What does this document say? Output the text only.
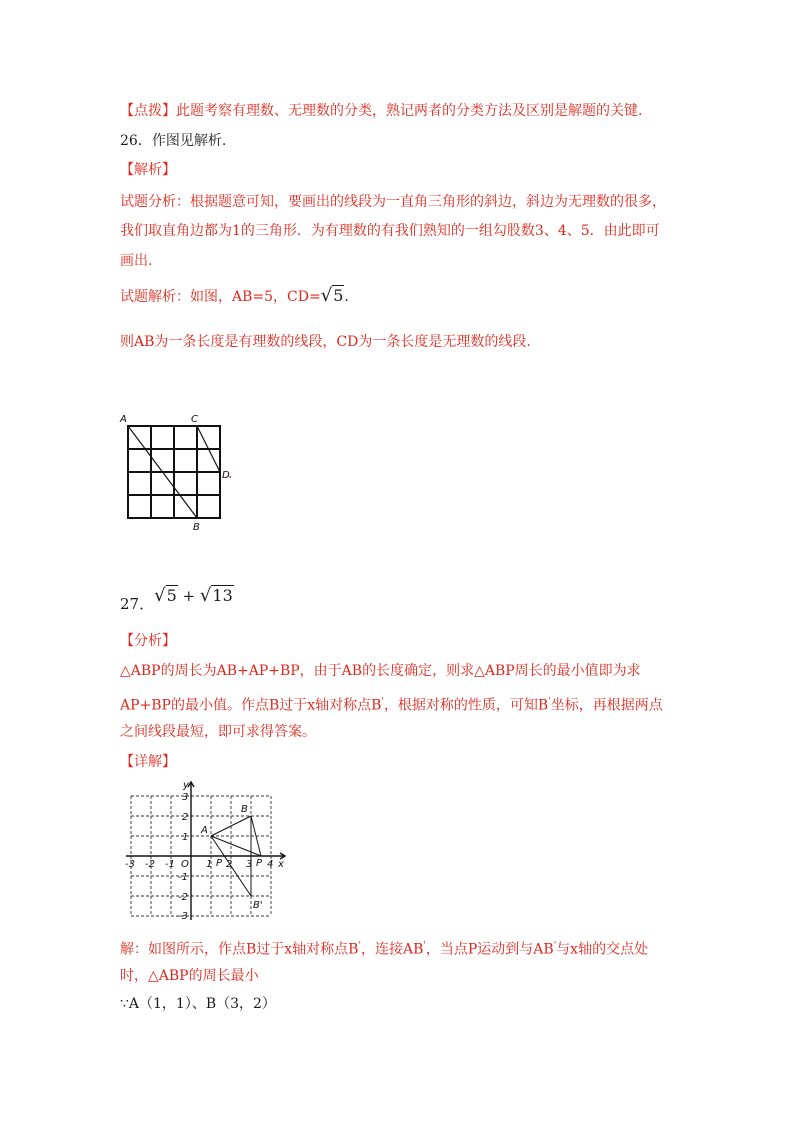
【点拨】此题考察有理数、无理数的分类，熟记两者的分类方法及区别是解题的关键.
26．作图见解析.
【解析】
试题分析：根据题意可知，要画出的线段为一直角三角形的斜边，斜边为无理数的很多，
我们取直角边都为1的三角形．为有理数的有我们熟知的一组勾股数3、4、5．由此即可
画出.
试题解析：如图，AB=5，CD=√5.
则AB为一条长度是有理数的线段，CD为一条长度是无理数的线段.
A	C
D
B
.
27．√5 + √13
【分析】
△ABP的周长为AB+AP+BP，由于AB的长度确定，则求△ABP周长的最小值即为求
AP+BP的最小值。作点B过于x轴对称点B'，根据对称的性质，可知B'坐标，再根据两点
之间线段最短，即可求得答案。
【详解】
-3 -2 -1 O 1 2 3 4 x
y
3
2
1
-1
-2
-3
A
B
P	P
B'
解：如图所示，作点B过于x轴对称点B'，连接AB'，当点P运动到与AB'与x轴的交点处
时，△ABP的周长最小
∵A（1，1）、B（3，2）
